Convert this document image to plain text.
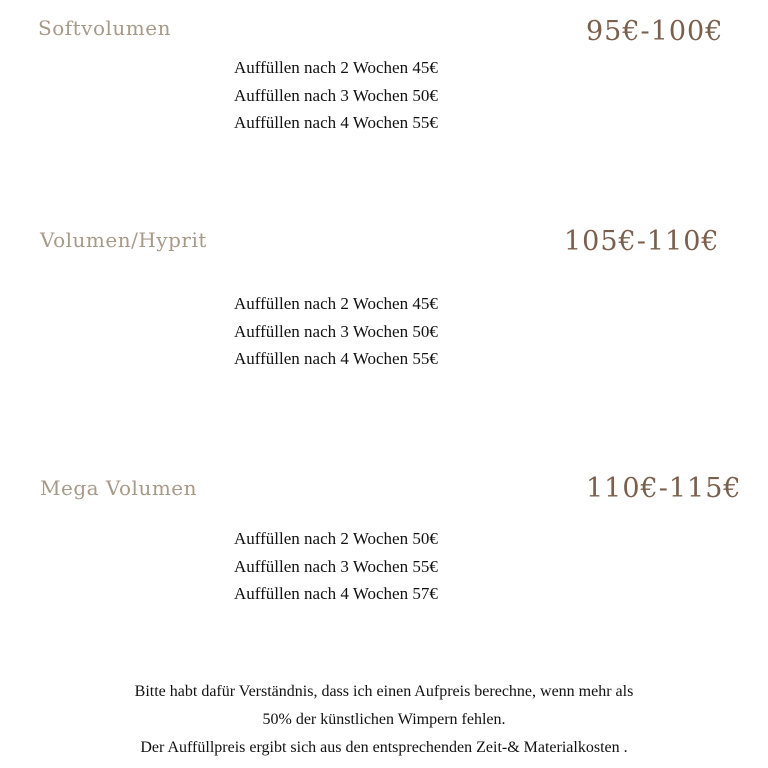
Softvolumen	95€-100€
Auffüllen nach 2 Wochen 45€
Auffüllen nach 3 Wochen 50€
Auffüllen nach 4 Wochen 55€
Volumen/Hyprit	105€-110€
Auffüllen nach 2 Wochen 45€
Auffüllen nach 3 Wochen 50€
Auffüllen nach 4 Wochen 55€
Mega Volumen	110€-115€
Auffüllen nach 2 Wochen 50€
Auffüllen nach 3 Wochen 55€
Auffüllen nach 4 Wochen 57€
Bitte habt dafür Verständnis, dass ich einen Aufpreis berechne, wenn mehr als
50% der künstlichen Wimpern fehlen.
Der Auffüllpreis ergibt sich aus den entsprechenden Zeit-& Materialkosten .
